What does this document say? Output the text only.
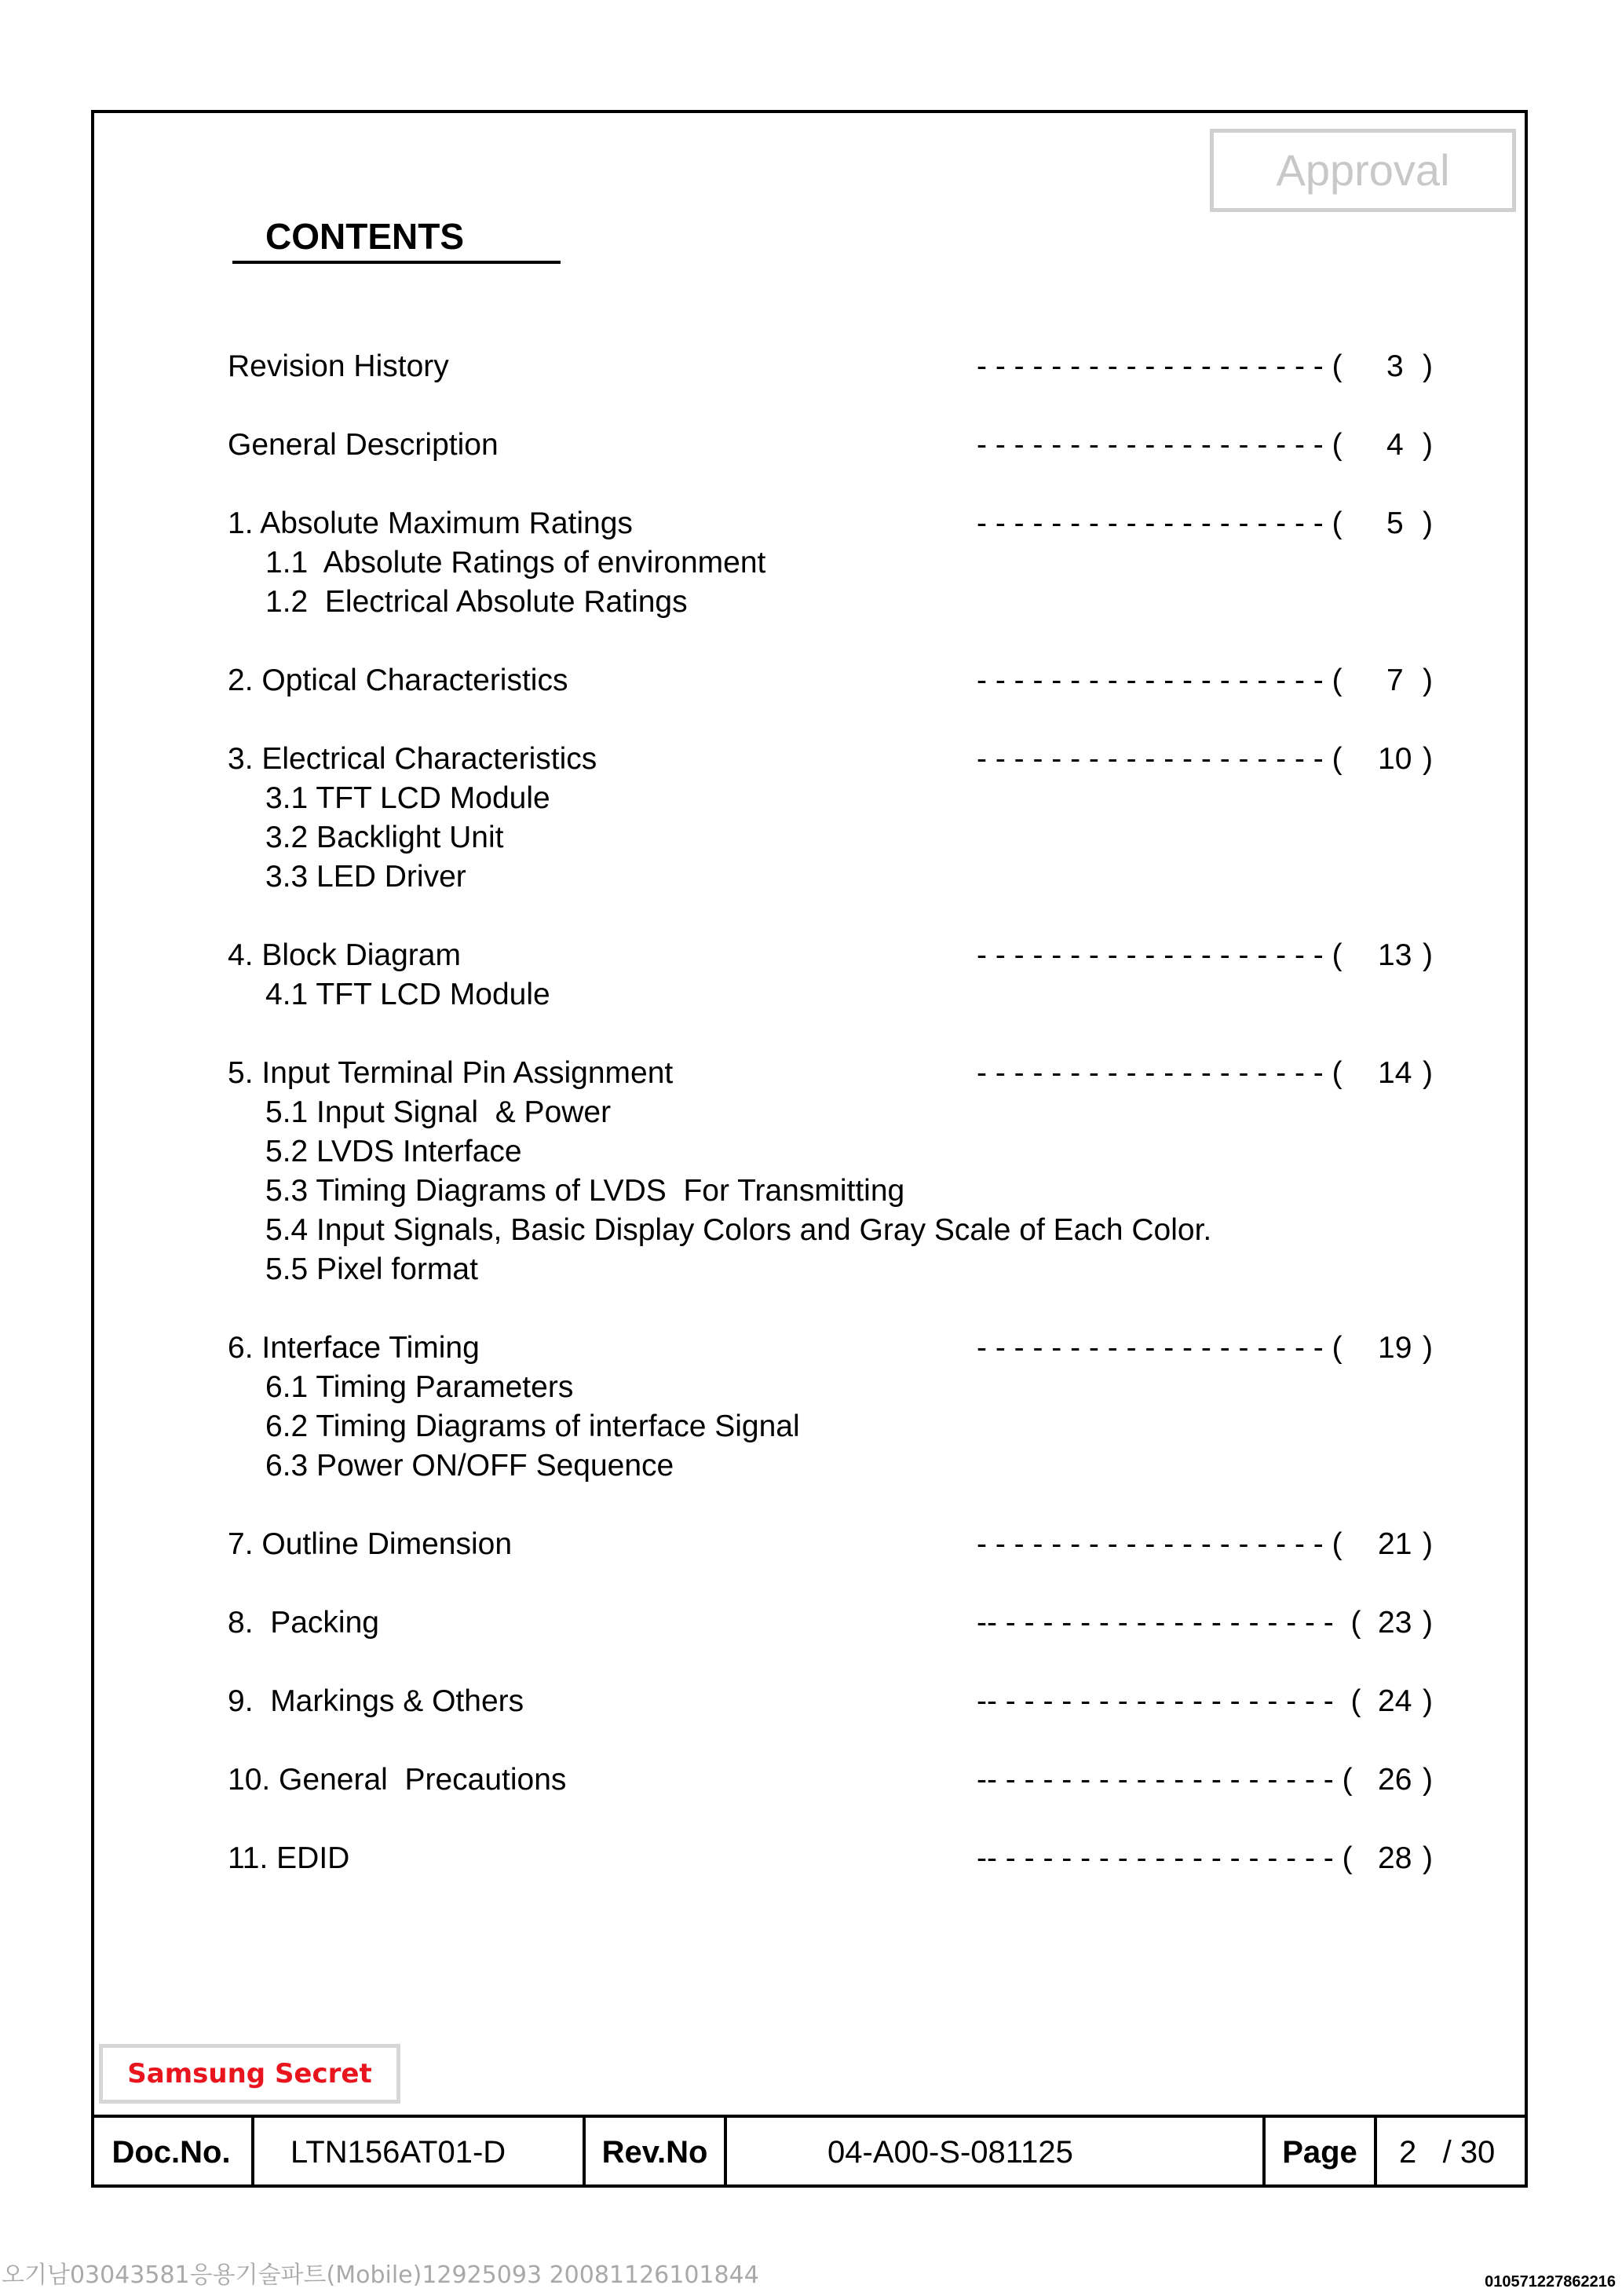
Approval
CONTENTS
Revision History	- - - - - - - - - - - - - - - - - - - ( 3 )
General Description	- - - - - - - - - - - - - - - - - - - ( 4 )
1. Absolute Maximum Ratings	- - - - - - - - - - - - - - - - - - - ( 5 )
1.1  Absolute Ratings of environment
1.2  Electrical Absolute Ratings
2. Optical Characteristics	- - - - - - - - - - - - - - - - - - - ( 7 )
3. Electrical Characteristics	- - - - - - - - - - - - - - - - - - - ( 10 )
3.1 TFT LCD Module
3.2 Backlight Unit
3.3 LED Driver
4. Block Diagram	- - - - - - - - - - - - - - - - - - - ( 13 )
4.1 TFT LCD Module
5. Input Terminal Pin Assignment	- - - - - - - - - - - - - - - - - - - ( 14 )
5.1 Input Signal  & Power
5.2 LVDS Interface
5.3 Timing Diagrams of LVDS  For Transmitting
5.4 Input Signals, Basic Display Colors and Gray Scale of Each Color.
5.5 Pixel format
6. Interface Timing	- - - - - - - - - - - - - - - - - - - ( 19 )
6.1 Timing Parameters
6.2 Timing Diagrams of interface Signal
6.3 Power ON/OFF Sequence
7. Outline Dimension	- - - - - - - - - - - - - - - - - - - ( 21 )
8.  Packing	-- - - - - - - - - - - - - - - - - - -  ( 23 )
9.  Markings & Others	-- - - - - - - - - - - - - - - - - - -  ( 24 )
10. General  Precautions	-- - - - - - - - - - - - - - - - - - - ( 26 )
11. EDID	-- - - - - - - - - - - - - - - - - - - ( 28 )
Samsung Secret
Doc.No.	LTN156AT01-D	Rev.No	04-A00-S-081125	Page	2   / 30
오기남03043581응용기술파트(Mobile)12925093 20081126101844	010571227862216
